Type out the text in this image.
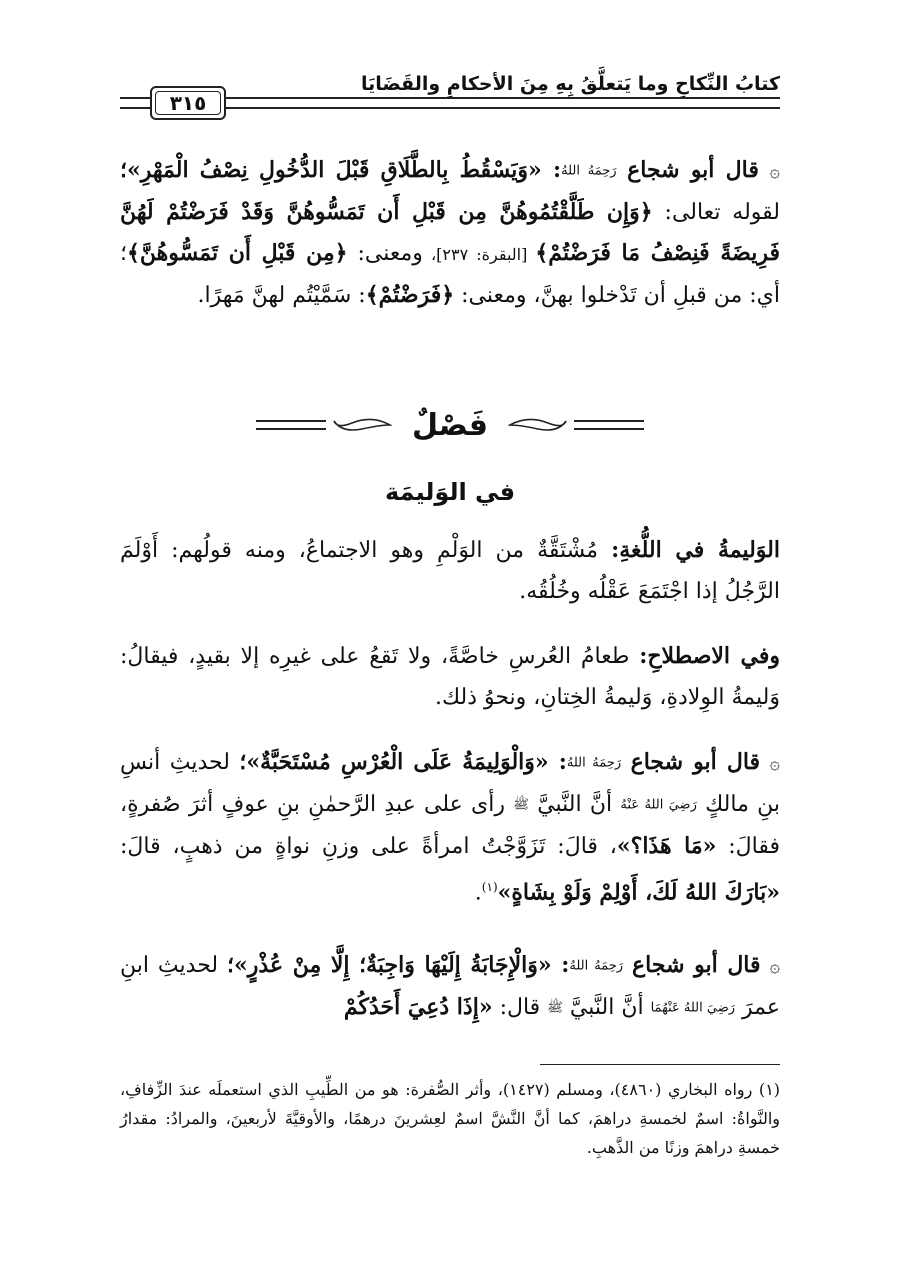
كتابُ النِّكاحِ وما يَتعلَّقُ بِهِ مِنَ الأحكامِ والقَضَايَا
٣١٥
۞ قال أبو شجاع رَحِمَهُ اللهُ: «وَيَسْقُطُ بِالطَّلَاقِ قَبْلَ الدُّخُولِ نِصْفُ الْمَهْرِ»؛ لقوله تعالى: ﴿وَإِن طَلَّقْتُمُوهُنَّ مِن قَبْلِ أَن تَمَسُّوهُنَّ وَقَدْ فَرَضْتُمْ لَهُنَّ فَرِيضَةً فَنِصْفُ مَا فَرَضْتُمْ﴾ [البقرة: ٢٣٧]، ومعنى: ﴿مِن قَبْلِ أَن تَمَسُّوهُنَّ﴾؛ أي: من قبلِ أن تَدْخلوا بهنَّ، ومعنى: ﴿فَرَضْتُمْ﴾: سَمَّيْتُم لهنَّ مَهرًا.
فَصْلٌ
في الوَليمَة
الوَليمةُ في اللُّغةِ: مُشْتَقَّةٌ من الوَلْمِ وهو الاجتماعُ، ومنه قولُهم: أَوْلَمَ الرَّجُلُ إذا اجْتَمَعَ عَقْلُه وخُلُقُه.
وفي الاصطلاحِ: طعامُ العُرسِ خاصَّةً، ولا تَقعُ على غيرِه إلا بقيدٍ، فيقالُ: وَليمةُ الوِلادةِ، وَليمةُ الخِتانِ، ونحوُ ذلك.
۞ قال أبو شجاع رَحِمَهُ اللهُ: «وَالْوَلِيمَةُ عَلَى الْعُرْسِ مُسْتَحَبَّةٌ»؛ لحديثِ أنسِ بنِ مالكٍ رَضِيَ اللهُ عَنْهُ أنَّ النَّبيَّ ﷺ رأى على عبدِ الرَّحمٰنِ بنِ عوفٍ أثرَ صُفرةٍ، فقالَ: «مَا هَذَا؟»، قالَ: تَزَوَّجْتُ امرأةً على وزنِ نواةٍ من ذهبٍ، قالَ: «بَارَكَ اللهُ لَكَ، أَوْلِمْ وَلَوْ بِشَاةٍ»$^{(١)}$.
۞ قال أبو شجاع رَحِمَهُ اللهُ: «وَالْإِجَابَةُ إِلَيْهَا وَاجِبَةٌ؛ إِلَّا مِنْ عُذْرٍ»؛ لحديثِ ابنِ عمرَ رَضِيَ اللهُ عَنْهُمَا أنَّ النَّبيَّ ﷺ قال: «إِذَا دُعِيَ أَحَدُكُمْ
(١) رواه البخاري (٤٨٦٠)، ومسلم (١٤٢٧)، وأثر الصُّفرة: هو من الطِّيبِ الذي استعملَه عندَ الزِّفافِ، والنَّواةُ: اسمٌ لخمسةِ دراهمَ، كما أنَّ النَّشَّ اسمٌ لعِشرينَ درهمًا، والأوقيَّةَ لأربعينَ، والمرادُ: مقدارُ خمسةِ دراهمَ وزنًا من الذَّهبِ.
